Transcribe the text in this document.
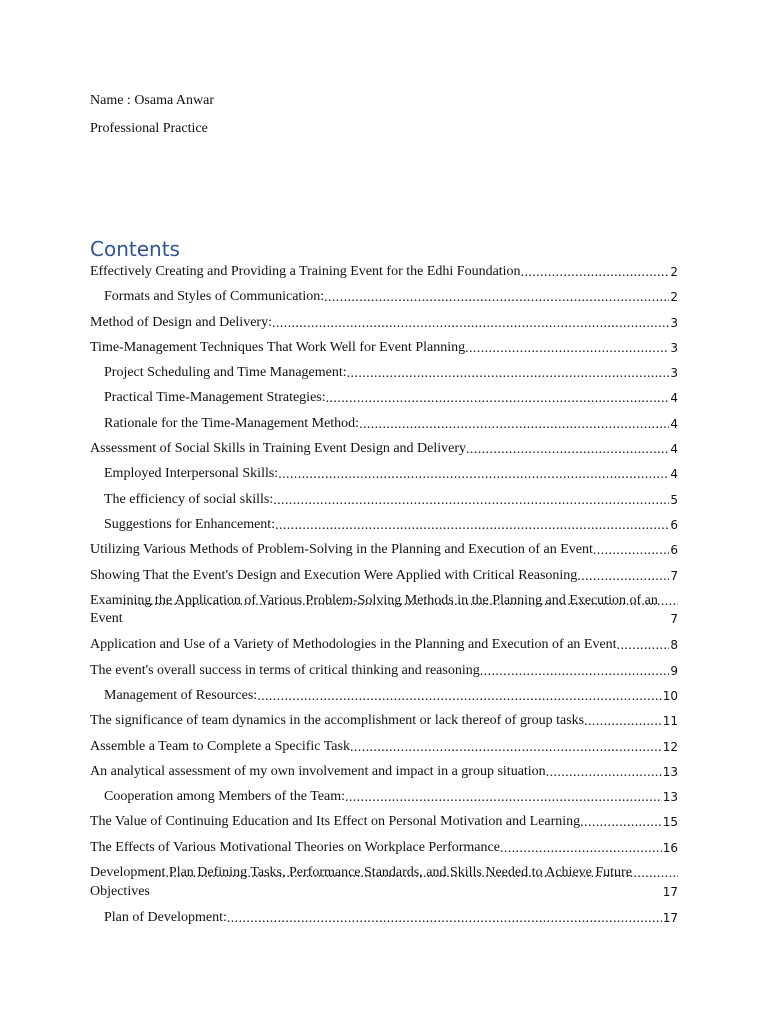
Name : Osama Anwar
Professional Practice
Contents
Effectively Creating and Providing a Training Event for the Edhi Foundation .....	2
Formats and Styles of Communication: .....	2
Method of Design and Delivery: .....	3
Time-Management Techniques That Work Well for Event Planning .....	3
Project Scheduling and Time Management: .....	3
Practical Time-Management Strategies: .....	4
Rationale for the Time-Management Method: .....	4
Assessment of Social Skills in Training Event Design and Delivery .....	4
Employed Interpersonal Skills: .....	4
The efficiency of social skills: .....	5
Suggestions for Enhancement: .....	6
Utilizing Various Methods of Problem-Solving in the Planning and Execution of an Event .....	6
Showing That the Event's Design and Execution Were Applied with Critical Reasoning .....	7
Examining the Application of Various Problem-Solving Methods in the Planning and Execution of an Event .....	7
Application and Use of a Variety of Methodologies in the Planning and Execution of an Event .....	8
The event's overall success in terms of critical thinking and reasoning .....	9
Management of Resources: .....	10
The significance of team dynamics in the accomplishment or lack thereof of group tasks .....	11
Assemble a Team to Complete a Specific Task .....	12
An analytical assessment of my own involvement and impact in a group situation .....	13
Cooperation among Members of the Team: .....	13
The Value of Continuing Education and Its Effect on Personal Motivation and Learning .....	15
The Effects of Various Motivational Theories on Workplace Performance .....	16
Development Plan Defining Tasks, Performance Standards, and Skills Needed to Achieve Future Objectives .....	17
Plan of Development: .....	17
